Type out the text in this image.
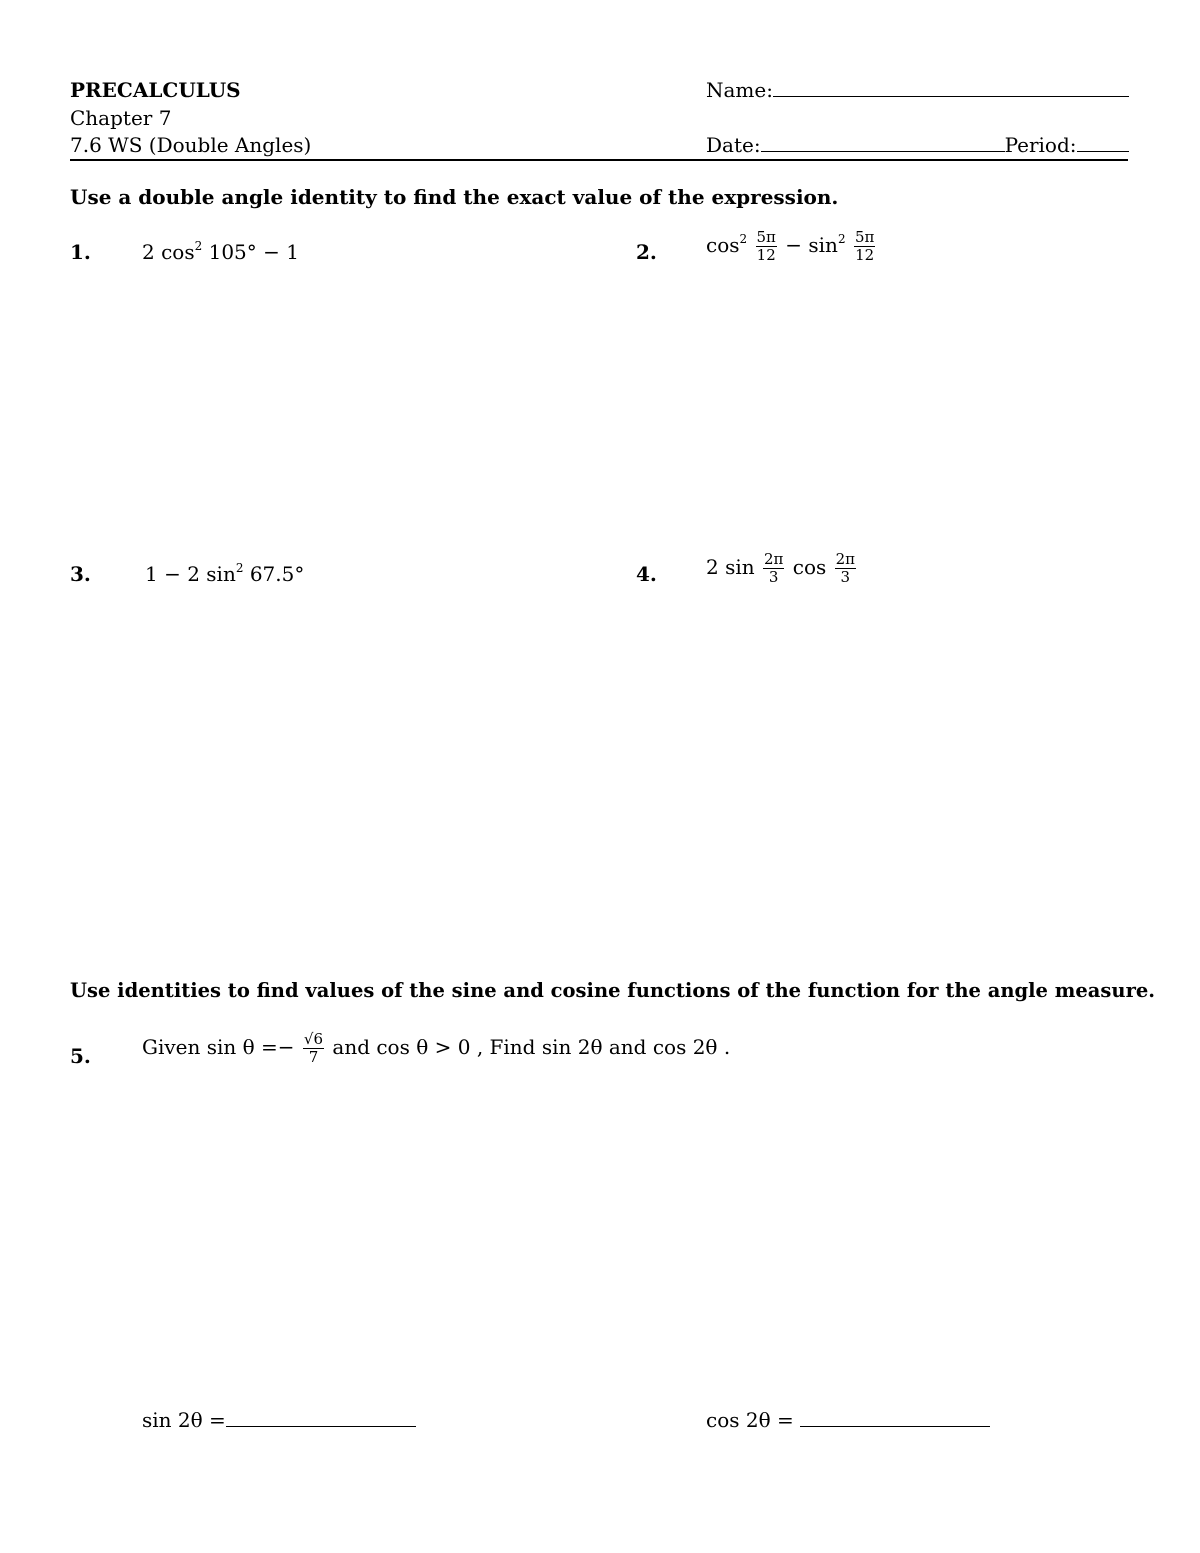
PRECALCULUS
Chapter 7
7.6 WS (Double Angles)
Name:
Date:	Period:
Use a double angle identity to find the exact value of the expression.
1.	2 $\cos^2 105^\circ - 1$	2. $\cos^2 \frac{5\pi}{12} - \sin^2 \frac{5\pi}{12}$
3.	1 − 2 $\sin^2 67.5^\circ$	4. 2 $\sin \frac{2\pi}{3}$ $\cos \frac{2\pi}{3}$
Use identities to find values of the sine and cosine functions of the function for the angle measure.
5.	Given $\sin \theta =- \frac{√6}{7}$ and cos θ > 0 , Find sin 2θ and cos 2θ .
sin 2θ =	cos 2θ =
